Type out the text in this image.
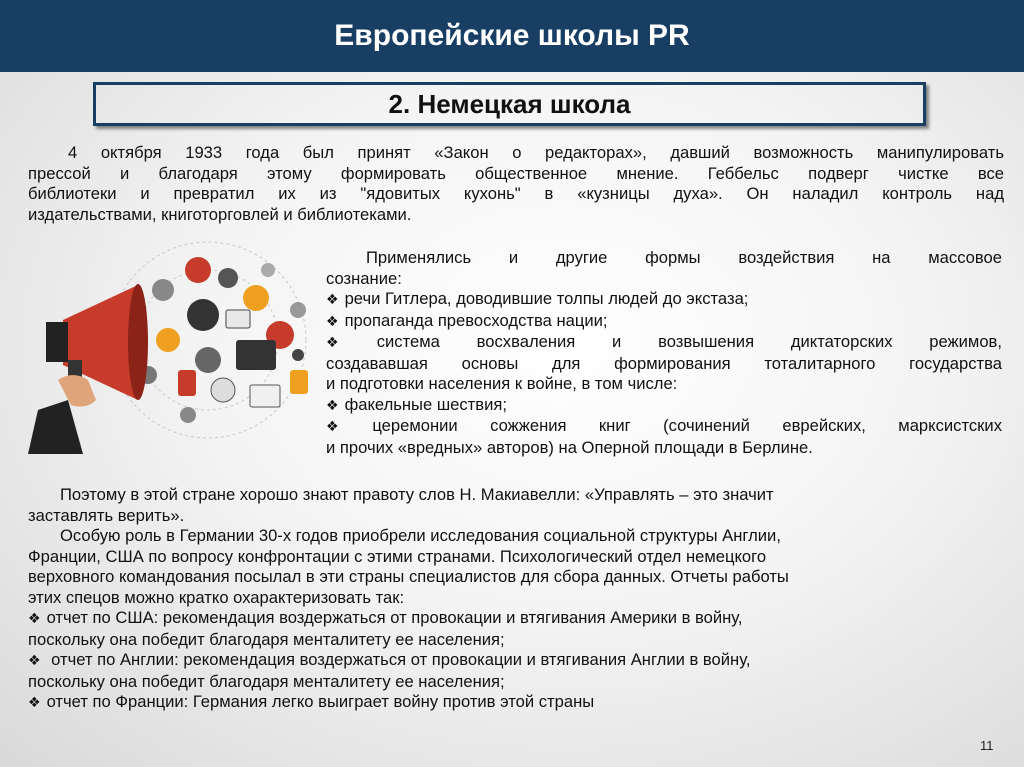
Европейские школы PR
2. Немецкая школа
4 октября 1933 года был принят «Закон о редакторах», давший возможность манипулировать
прессой и благодаря этому формировать общественное мнение. Геббельс подверг чистке все
библиотеки и превратил их из "ядовитых кухонь" в «кузницы духа». Он наладил контроль над
издательствами, книготорговлей и библиотеками.
Применялись и другие формы воздействия на массовое
сознание:
❖ речи Гитлера, доводившие толпы людей до экстаза;
❖ пропаганда превосходства нации;
❖ система восхваления и возвышения диктаторских режимов,
создававшая основы для формирования тоталитарного государства
и подготовки населения к войне, в том числе:
❖ факельные шествия;
❖ церемонии сожжения книг (сочинений еврейских, марксистских
и прочих «вредных» авторов) на Оперной площади в Берлине.
Поэтому в этой стране хорошо знают правоту слов Н. Макиавелли: «Управлять – это значит
заставлять верить».
Особую роль в Германии 30-х годов приобрели исследования социальной структуры Англии,
Франции, США по вопросу конфронтации с этими странами. Психологический отдел немецкого
верховного командования посылал в эти страны специалистов для сбора данных. Отчеты работы
этих спецов можно кратко охарактеризовать так:
❖ отчет по США: рекомендация воздержаться от провокации и втягивания Америки в войну,
поскольку она победит благодаря менталитету ее населения;
❖ отчет по Англии: рекомендация воздержаться от провокации и втягивания Англии в войну,
поскольку она победит благодаря менталитету ее населения;
❖ отчет по Франции: Германия легко выиграет войну против этой страны
11
